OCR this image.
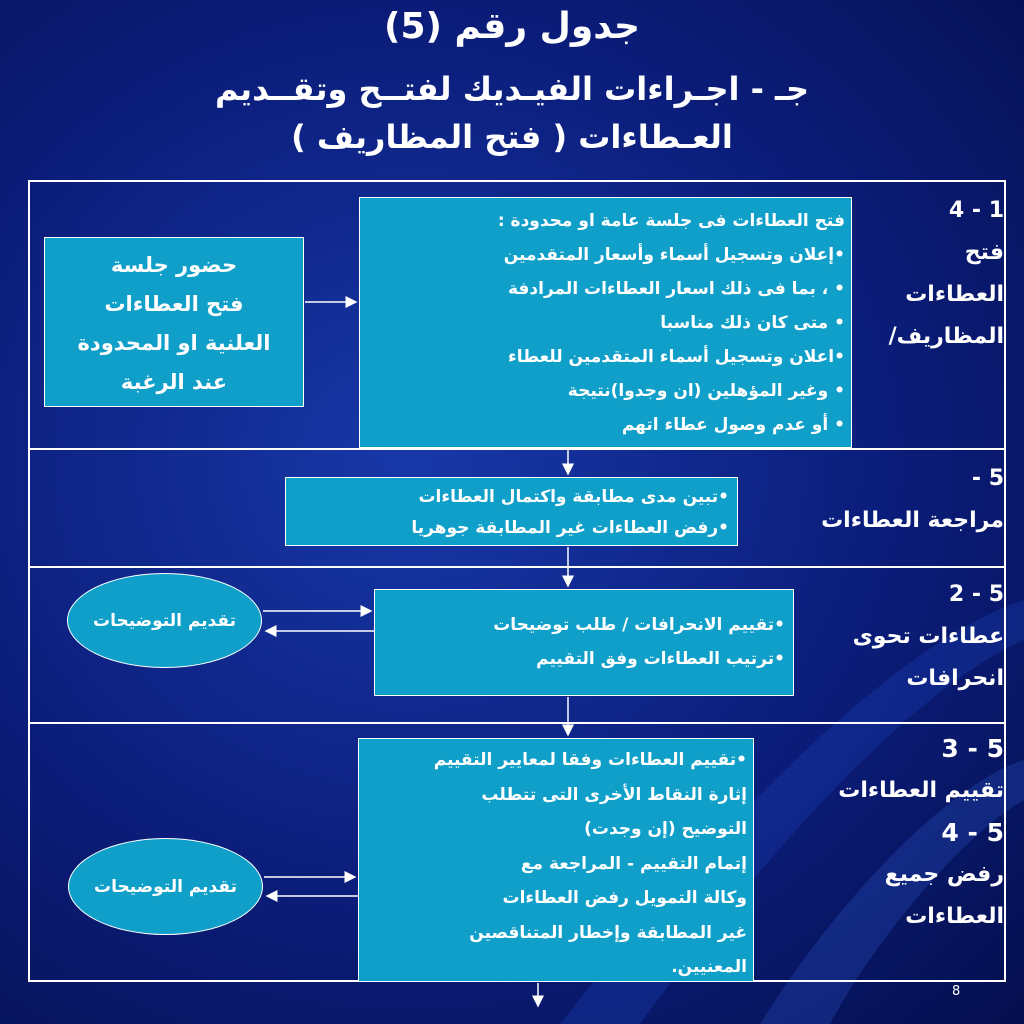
جدول رقم (5)
جـ - اجـراءات الفيـديك لفتــح وتقــديم
العـطاءات ( فتح المظاريف )
1 - 4
فتح
العطاءات
المظاريف/
فتح العطاءات فى جلسة عامة او محدودة :
•إعلان وتسجيل أسماء وأسعار المتقدمين
• ، بما فى ذلك اسعار العطاءات المرادفة
• متى كان ذلك مناسبا
•اعلان وتسجيل أسماء المتقدمين للعطاء
• وغير المؤهلين (ان وجدوا)نتيجة
• أو عدم وصول عطاء اتهم
حضور جلسة
فتح العطاءات
العلنية او المحدودة
عند الرغبة
5 -
مراجعة العطاءات
•تبين مدى مطابقة واكتمال العطاءات
•رفض العطاءات غير المطابقة جوهريا
5 - 2
عطاءات تحوى
انحرافات
•تقييم الانحرافات / طلب توضيحات
•ترتيب العطاءات وفق التقييم
تقديم التوضيحات
5 - 3
تقييم العطاءات
5 - 4
رفض جميع
العطاءات
•تقييم العطاءات وفقا لمعايير التقييم
إثارة النقاط الأخرى التى تتطلب
التوضيح (إن وجدت)
إتمام التقييم - المراجعة مع
وكالة التمويل رفض العطاءات
غير المطابقة وإخطار المتناقصين
المعنيين.
تقديم التوضيحات
8
